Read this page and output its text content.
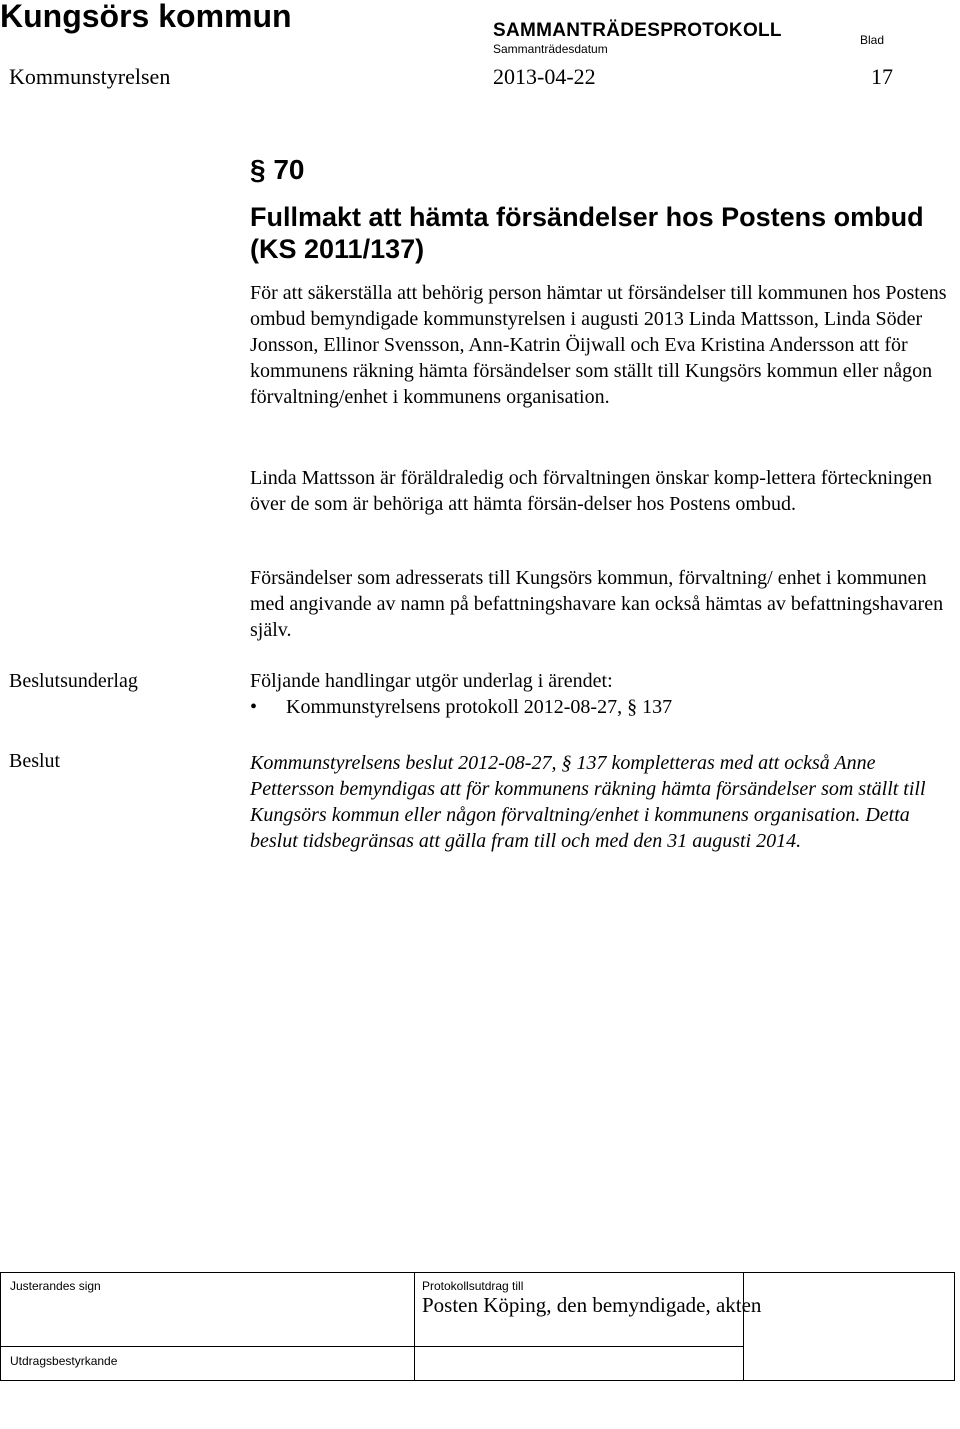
Kungsörs kommun	SAMMANTRÄDESPROTOKOLL
Sammanträdesdatum
Blad
Kommunstyrelsen	2013-04-22	17
§ 70
Fullmakt att hämta försändelser hos Postens ombud (KS 2011/137)
För att säkerställa att behörig person hämtar ut försändelser till kommunen hos Postens ombud bemyndigade kommunstyrelsen i augusti 2013 Linda Mattsson, Linda Söder Jonsson, Ellinor Svensson, Ann-Katrin Öijwall och Eva Kristina Andersson att för kommunens räkning hämta försändelser som ställt till Kungsörs kommun eller någon förvaltning/enhet i kommunens organisation.
Linda Mattsson är föräldraledig och förvaltningen önskar komp-lettera förteckningen över de som är behöriga att hämta försän-delser hos Postens ombud.
Försändelser som adresserats till Kungsörs kommun, förvaltning/ enhet i kommunen med angivande av namn på befattningshavare kan också hämtas av befattningshavaren själv.
Beslutsunderlag	Följande handlingar utgör underlag i ärendet:
• Kommunstyrelsens protokoll 2012-08-27, § 137
Beslut	Kommunstyrelsens beslut 2012-08-27, § 137 kompletteras med att också Anne Pettersson bemyndigas att för kommunens räkning hämta försändelser som ställt till Kungsörs kommun eller någon förvaltning/enhet i kommunens organisation. Detta beslut tidsbegränsas att gälla fram till och med den 31 augusti 2014.
Justerandes sign	Protokollsutdrag till
Posten Köping, den bemyndigade, akten
Utdragsbestyrkande
